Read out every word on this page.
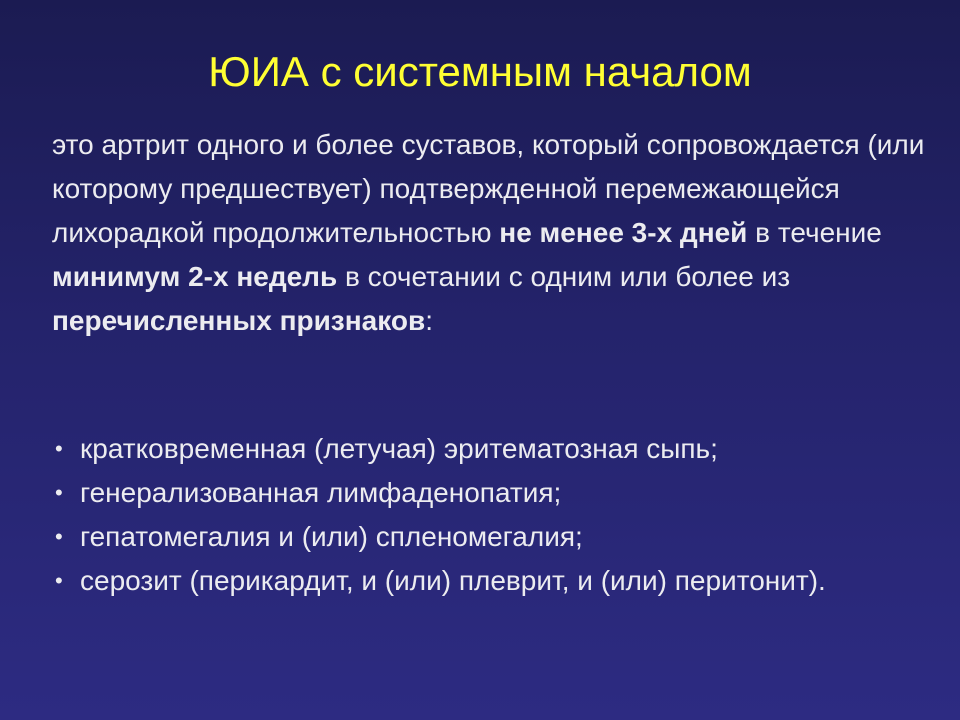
ЮИА с системным началом

это артрит одного и более суставов, который сопровождается (или которому предшествует) подтвержденной перемежающейся лихорадкой продолжительностью не менее 3-х дней в течение минимум 2-х недель в сочетании с одним или более из перечисленных признаков:

• кратковременная (летучая) эритематозная сыпь;
• генерализованная лимфаденопатия;
• гепатомегалия и (или) спленомегалия;
• серозит (перикардит, и (или) плеврит, и (или) перитонит).
